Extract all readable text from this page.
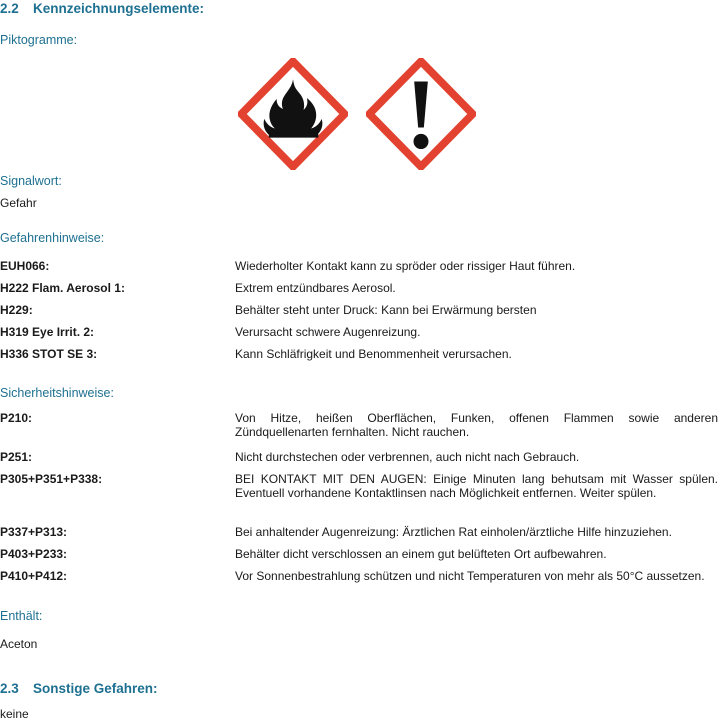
2.2 Kennzeichnungselemente:
Piktogramme:
Signalwort:
Gefahr
Gefahrenhinweise:
EUH066:	Wiederholter Kontakt kann zu spröder oder rissiger Haut führen.
H222 Flam. Aerosol 1:	Extrem entzündbares Aerosol.
H229:	Behälter steht unter Druck: Kann bei Erwärmung bersten
H319 Eye Irrit. 2:	Verursacht schwere Augenreizung.
H336 STOT SE 3:	Kann Schläfrigkeit und Benommenheit verursachen.
Sicherheitshinweise:
P210:	Von Hitze, heißen Oberflächen, Funken, offenen Flammen sowie anderen Zündquellenarten fernhalten. Nicht rauchen.
P251:	Nicht durchstechen oder verbrennen, auch nicht nach Gebrauch.
P305+P351+P338:	BEI KONTAKT MIT DEN AUGEN: Einige Minuten lang behutsam mit Wasser spülen. Eventuell vorhandene Kontaktlinsen nach Möglichkeit entfernen. Weiter spülen.
P337+P313:	Bei anhaltender Augenreizung: Ärztlichen Rat einholen/ärztliche Hilfe hinzuziehen.
P403+P233:	Behälter dicht verschlossen an einem gut belüfteten Ort aufbewahren.
P410+P412:	Vor Sonnenbestrahlung schützen und nicht Temperaturen von mehr als 50°C aussetzen.
Enthält:
Aceton
2.3 Sonstige Gefahren:
keine
